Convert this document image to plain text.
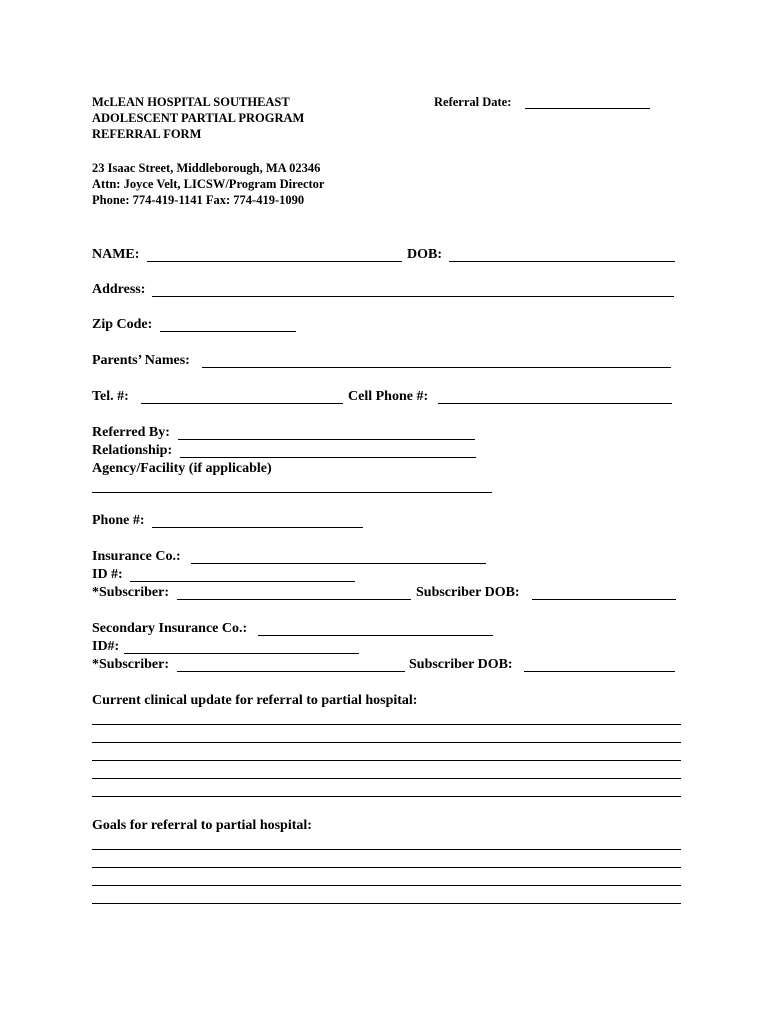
McLEAN HOSPITAL SOUTHEAST
ADOLESCENT PARTIAL PROGRAM
REFERRAL FORM
Referral Date:
23 Isaac Street, Middleborough, MA 02346
Attn: Joyce Velt, LICSW/Program Director
Phone: 774-419-1141 Fax: 774-419-1090
NAME:	DOB:
Address:
Zip Code:
Parents’ Names:
Tel. #:	Cell Phone #:
Referred By:
Relationship:
Agency/Facility (if applicable)
Phone #:
Insurance Co.:
ID #:
*Subscriber:	Subscriber DOB:
Secondary Insurance Co.:
ID#:
*Subscriber:	Subscriber DOB:
Current clinical update for referral to partial hospital:
Goals for referral to partial hospital:
